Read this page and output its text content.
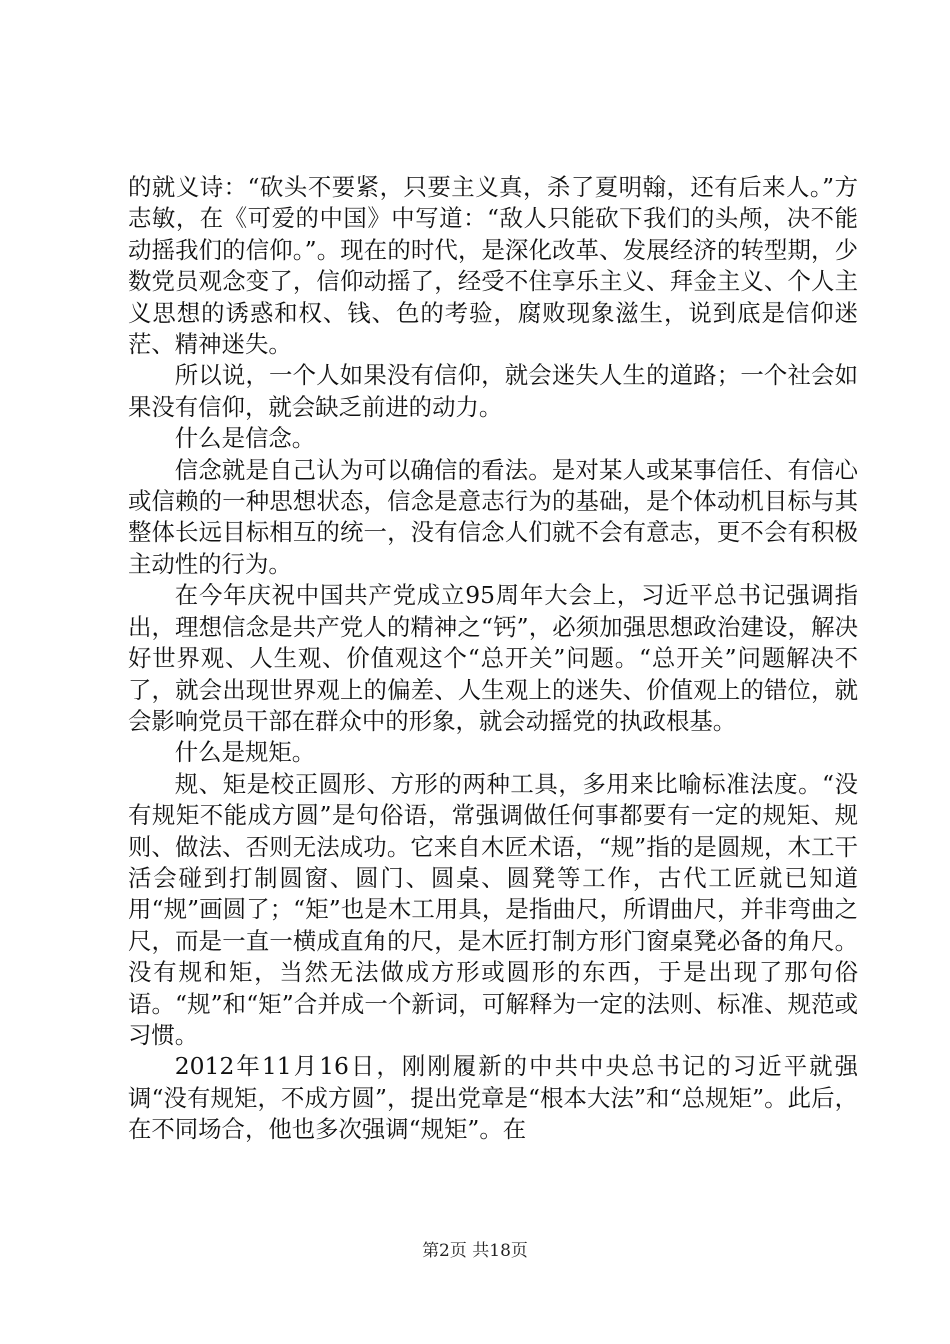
的就义诗：“砍头不要紧，只要主义真，杀了夏明翰，还有后来人。”方志敏，在《可爱的中国》中写道：“敌人只能砍下我们的头颅，决不能动摇我们的信仰。”。现在的时代，是深化改革、发展经济的转型期，少数党员观念变了，信仰动摇了，经受不住享乐主义、拜金主义、个人主义思想的诱惑和权、钱、色的考验，腐败现象滋生，说到底是信仰迷茫、精神迷失。

所以说，一个人如果没有信仰，就会迷失人生的道路；一个社会如果没有信仰，就会缺乏前进的动力。

什么是信念。

信念就是自己认为可以确信的看法。是对某人或某事信任、有信心或信赖的一种思想状态，信念是意志行为的基础，是个体动机目标与其整体长远目标相互的统一，没有信念人们就不会有意志，更不会有积极主动性的行为。

在今年庆祝中国共产党成立95周年大会上，习近平总书记强调指出，理想信念是共产党人的精神之“钙”，必须加强思想政治建设，解决好世界观、人生观、价值观这个“总开关”问题。“总开关”问题解决不了，就会出现世界观上的偏差、人生观上的迷失、价值观上的错位，就会影响党员干部在群众中的形象，就会动摇党的执政根基。

什么是规矩。

规、矩是校正圆形、方形的两种工具，多用来比喻标准法度。“没有规矩不能成方圆”是句俗语，常强调做任何事都要有一定的规矩、规则、做法、否则无法成功。它来自木匠术语，“规”指的是圆规，木工干活会碰到打制圆窗、圆门、圆桌、圆凳等工作，古代工匠就已知道用“规”画圆了；“矩”也是木工用具，是指曲尺，所谓曲尺，并非弯曲之尺，而是一直一横成直角的尺，是木匠打制方形门窗桌凳必备的角尺。没有规和矩，当然无法做成方形或圆形的东西，于是出现了那句俗语。“规”和“矩”合并成一个新词，可解释为一定的法则、标准、规范或习惯。

2012年11月16日，刚刚履新的中共中央总书记的习近平就强调“没有规矩，不成方圆”，提出党章是“根本大法”和“总规矩”。此后，在不同场合，他也多次强调“规矩”。在

第2页 共18页
